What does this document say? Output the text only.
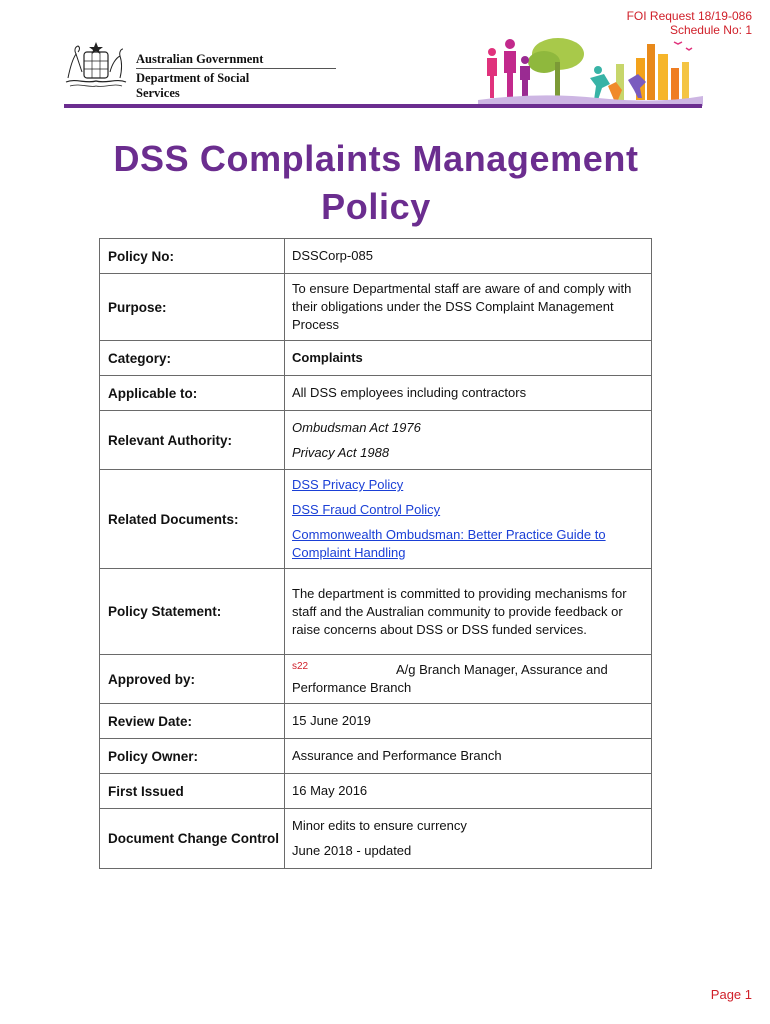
FOI Request 18/19-086
Schedule No: 1
Australian Government
Department of Social Services
DSS Complaints Management Policy
Policy No:	DSSCorp-085
Purpose:	To ensure Departmental staff are aware of and comply with their obligations under the DSS Complaint Management Process
Category:	Complaints
Applicable to:	All DSS employees including contractors
Relevant Authority:	Ombudsman Act 1976
Privacy Act 1988

Related Documents:	DSS Privacy Policy
DSS Fraud Control Policy
Commonwealth Ombudsman: Better Practice Guide to Complaint Handling

Policy Statement:	The department is committed to providing mechanisms for staff and the Australian community to provide feedback or raise concerns about DSS or DSS funded services.
Approved by:	s22 A/g Branch Manager, Assurance and Performance Branch
Review Date:	15 June 2019
Policy Owner:	Assurance and Performance Branch
First Issued	16 May 2016
Document Change Control	Minor edits to ensure currency
June 2018 - updated
Page 1
